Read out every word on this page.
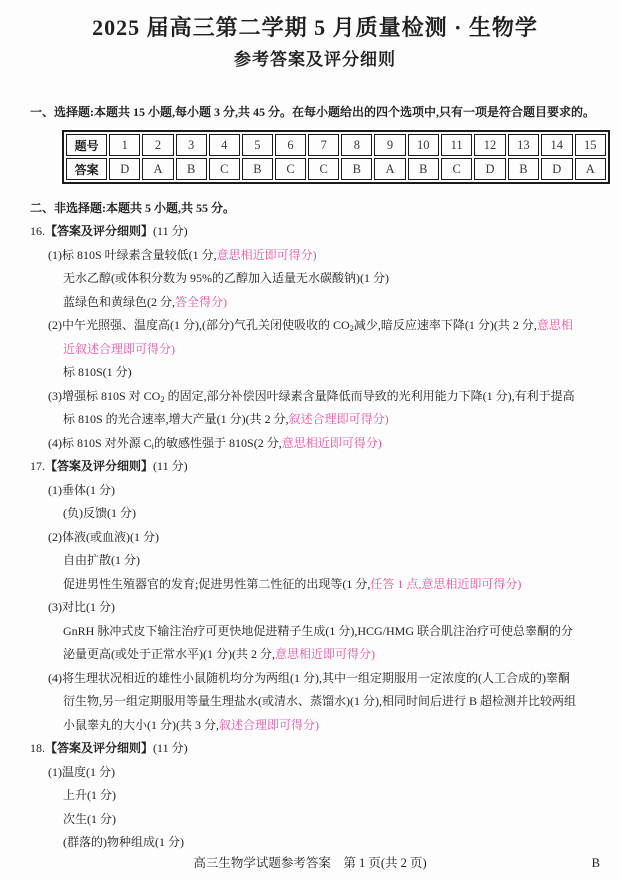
2025 届高三第二学期 5 月质量检测 · 生物学
参考答案及评分细则
一、选择题:本题共 15 小题,每小题 3 分,共 45 分。在每小题给出的四个选项中,只有一项是符合题目要求的。
题号	1	2	3	4	5	6	7	8	9	10	11	12	13	14	15
答案	D	A	B	C	B	C	C	B	A	B	C	D	B	D	A
二、非选择题:本题共 5 小题,共 55 分。
16.【答案及评分细则】(11 分)
(1)标 810S 叶绿素含量较低(1 分,意思相近即可得分)
无水乙醇(或体积分数为 95%的乙醇加入适量无水碳酸钠)(1 分)
蓝绿色和黄绿色(2 分,答全得分)
(2)中午光照强、温度高(1 分),(部分)气孔关闭使吸收的 $CO_2$减少,暗反应速率下降(1 分)(共 2 分,意思相
近叙述合理即可得分)
标 810S(1 分)
(3)增强标 810S 对 $CO_2$ 的固定,部分补偿因叶绿素含量降低而导致的光利用能力下降(1 分),有利于提高
标 810S 的光合速率,增大产量(1 分)(共 2 分,叙述合理即可得分)
(4)标 810S 对外源 $C_i$的敏感性强于 810S(2 分,意思相近即可得分)
17.【答案及评分细则】(11 分)
(1)垂体(1 分)
(负)反馈(1 分)
(2)体液(或血液)(1 分)
自由扩散(1 分)
促进男性生殖器官的发育;促进男性第二性征的出现等(1 分,任答 1 点,意思相近即可得分)
(3)对比(1 分)
GnRH 脉冲式皮下输注治疗可更快地促进精子生成(1 分),HCG/HMG 联合肌注治疗可使总睾酮的分
泌量更高(或处于正常水平)(1 分)(共 2 分,意思相近即可得分)
(4)将生理状况相近的雄性小鼠随机均分为两组(1 分),其中一组定期服用一定浓度的(人工合成的)睾酮
衍生物,另一组定期服用等量生理盐水(或清水、蒸馏水)(1 分),相同时间后进行 B 超检测并比较两组
小鼠睾丸的大小(1 分)(共 3 分,叙述合理即可得分)
18.【答案及评分细则】(11 分)
(1)温度(1 分)
上升(1 分)
次生(1 分)
(群落的)物种组成(1 分)
高三生物学试题参考答案　第 1 页(共 2 页)	B
